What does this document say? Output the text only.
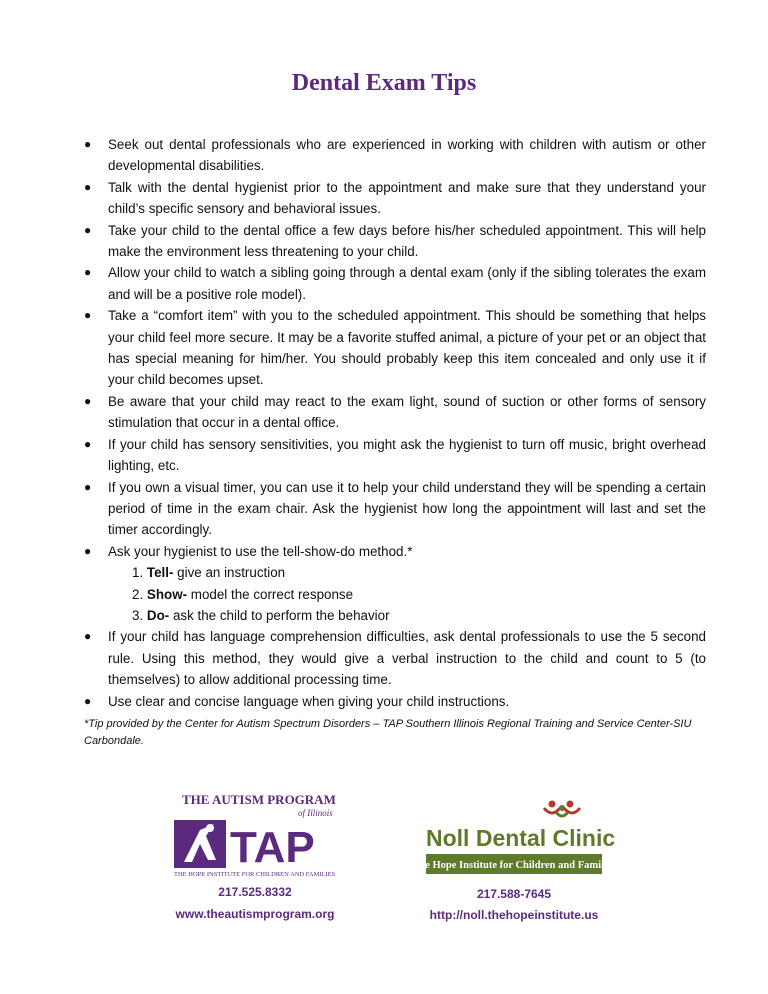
Dental Exam Tips
● Seek out dental professionals who are experienced in working with children with autism or other developmental disabilities.
● Talk with the dental hygienist prior to the appointment and make sure that they understand your child’s specific sensory and behavioral issues.
● Take your child to the dental office a few days before his/her scheduled appointment. This will help make the environment less threatening to your child.
● Allow your child to watch a sibling going through a dental exam (only if the sibling tolerates the exam and will be a positive role model).
● Take a “comfort item” with you to the scheduled appointment. This should be something that helps your child feel more secure. It may be a favorite stuffed animal, a picture of your pet or an object that has special meaning for him/her. You should probably keep this item concealed and only use it if your child becomes upset.
● Be aware that your child may react to the exam light, sound of suction or other forms of sensory stimulation that occur in a dental office.
● If your child has sensory sensitivities, you might ask the hygienist to turn off music, bright overhead lighting, etc.
● If you own a visual timer, you can use it to help your child understand they will be spending a certain period of time in the exam chair. Ask the hygienist how long the appointment will last and set the timer accordingly.
● Ask your hygienist to use the tell-show-do method.*
1. Tell- give an instruction
2. Show- model the correct response
3. Do- ask the child to perform the behavior
● If your child has language comprehension difficulties, ask dental professionals to use the 5 second rule. Using this method, they would give a verbal instruction to the child and count to 5 (to themselves) to allow additional processing time.
● Use clear and concise language when giving your child instructions.
*Tip provided by the Center for Autism Spectrum Disorders – TAP Southern Illinois Regional Training and Service Center-SIU Carbondale.
THE AUTISM PROGRAM
of Illinois
TAP
THE HOPE INSTITUTE FOR CHILDREN AND FAMILIES
Noll Dental Clinic
The Hope Institute for Children and Families
217.525.8332
www.theautismprogram.org
217.588-7645
http://noll.thehopeinstitute.us
